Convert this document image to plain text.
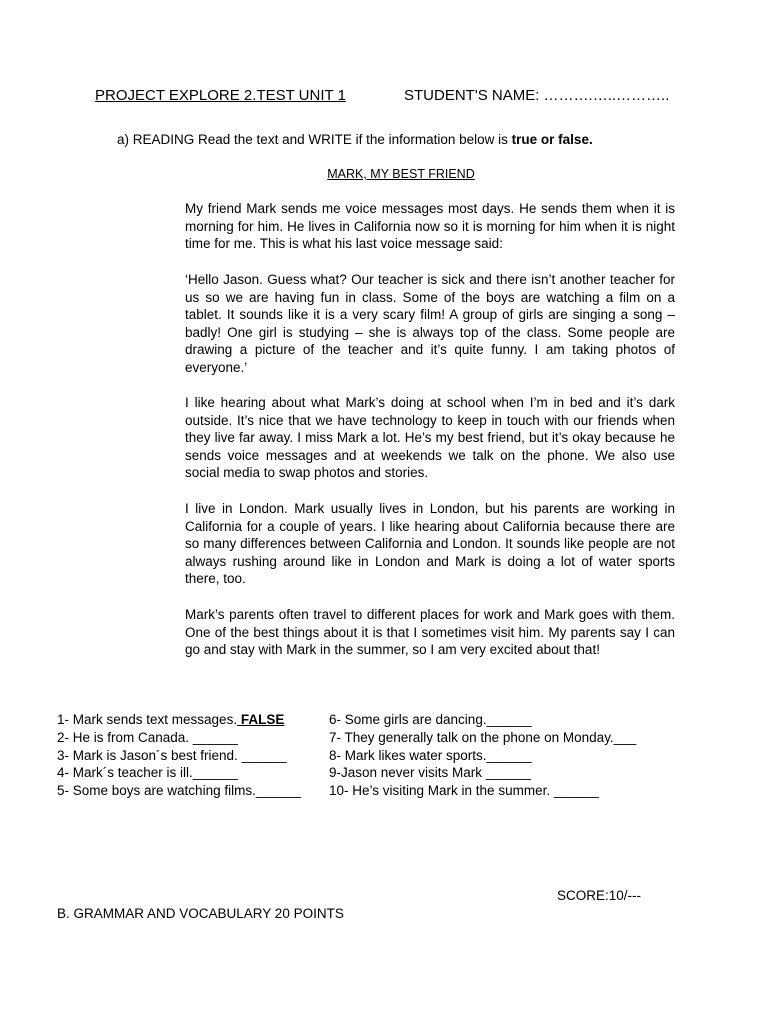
PROJECT EXPLORE 2.TEST UNIT 1	STUDENT'S NAME: ……….…..………..
a) READING Read the text and WRITE if the information below is true or false.
MARK, MY BEST FRIEND
My friend Mark sends me voice messages most days. He sends them when it is morning for him. He lives in California now so it is morning for him when it is night time for me. This is what his last voice message said:
‘Hello Jason. Guess what? Our teacher is sick and there isn’t another teacher for us so we are having fun in class. Some of the boys are watching a film on a tablet. It sounds like it is a very scary film! A group of girls are singing a song – badly! One girl is studying – she is always top of the class. Some people are drawing a picture of the teacher and it’s quite funny. I am taking photos of everyone.’
I like hearing about what Mark’s doing at school when I’m in bed and it’s dark outside. It’s nice that we have technology to keep in touch with our friends when they live far away. I miss Mark a lot. He’s my best friend, but it’s okay because he sends voice messages and at weekends we talk on the phone. We also use social media to swap photos and stories.
I live in London. Mark usually lives in London, but his parents are working in California for a couple of years. I like hearing about California because there are so many differences between California and London. It sounds like people are not always rushing around like in London and Mark is doing a lot of water sports there, too.
Mark’s parents often travel to different places for work and Mark goes with them. One of the best things about it is that I sometimes visit him. My parents say I can go and stay with Mark in the summer, so I am very excited about that!
1- Mark sends text messages. FALSE
2- He is from Canada. ______
3- Mark is Jason´s best friend. ______
4- Mark´s teacher is ill.______
5- Some boys are watching films.______
6- Some girls are dancing.______
7- They generally talk on the phone on Monday.___
8- Mark likes water sports.______
9-Jason never visits Mark ______
10- He’s visiting Mark in the summer. ______
SCORE:10/---
B. GRAMMAR AND VOCABULARY 20 POINTS
